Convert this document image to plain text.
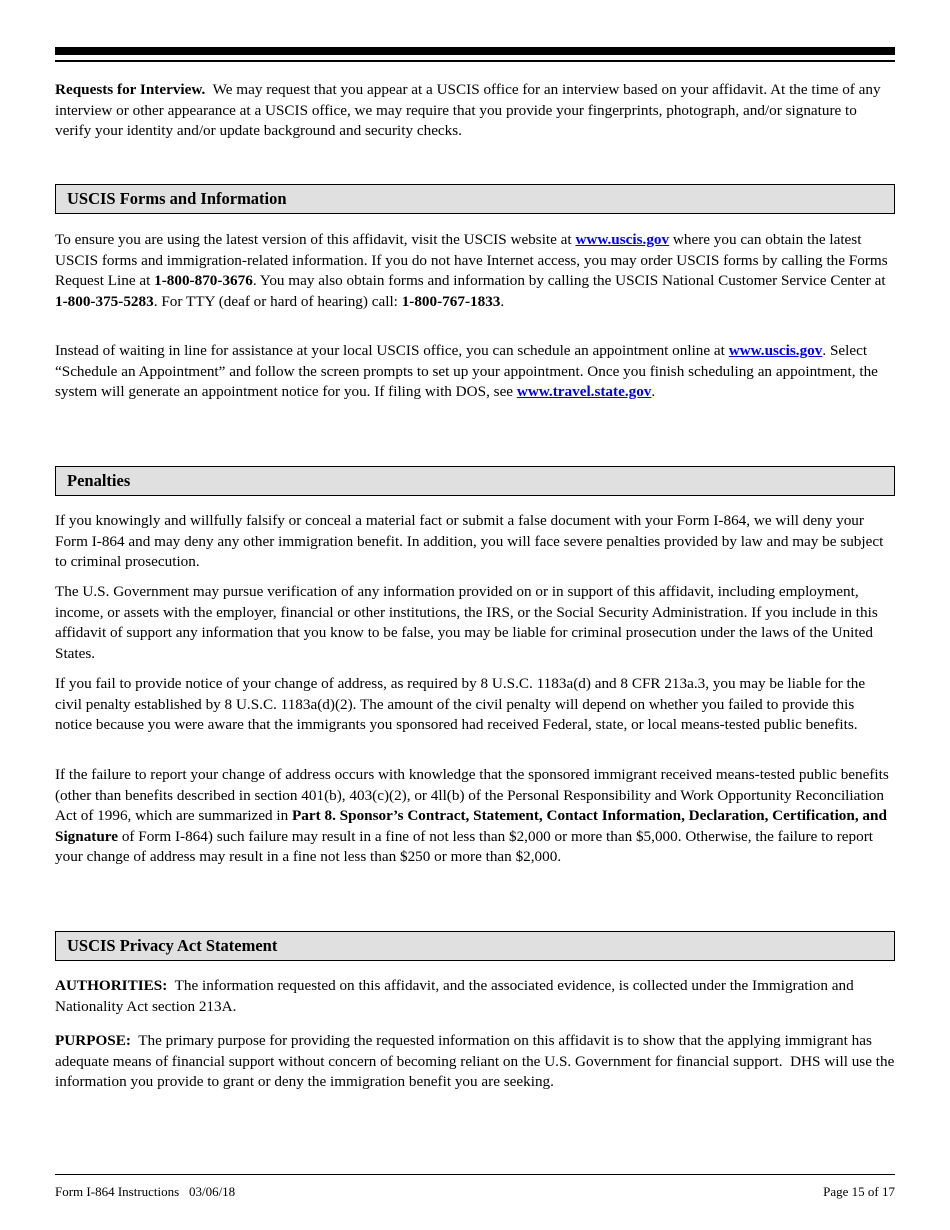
Requests for Interview.  We may request that you appear at a USCIS office for an interview based on your affidavit. At the time of any interview or other appearance at a USCIS office, we may require that you provide your fingerprints, photograph, and/or signature to verify your identity and/or update background and security checks.

USCIS Forms and Information

To ensure you are using the latest version of this affidavit, visit the USCIS website at www.uscis.gov where you can obtain the latest USCIS forms and immigration-related information. If you do not have Internet access, you may order USCIS forms by calling the Forms Request Line at 1-800-870-3676. You may also obtain forms and information by calling the USCIS National Customer Service Center at 1-800-375-5283. For TTY (deaf or hard of hearing) call: 1-800-767-1833.

Instead of waiting in line for assistance at your local USCIS office, you can schedule an appointment online at www.uscis.gov. Select “Schedule an Appointment” and follow the screen prompts to set up your appointment. Once you finish scheduling an appointment, the system will generate an appointment notice for you. If filing with DOS, see www.travel.state.gov.

Penalties

If you knowingly and willfully falsify or conceal a material fact or submit a false document with your Form I-864, we will deny your Form I-864 and may deny any other immigration benefit. In addition, you will face severe penalties provided by law and may be subject to criminal prosecution.

The U.S. Government may pursue verification of any information provided on or in support of this affidavit, including employment, income, or assets with the employer, financial or other institutions, the IRS, or the Social Security Administration. If you include in this affidavit of support any information that you know to be false, you may be liable for criminal prosecution under the laws of the United States.

If you fail to provide notice of your change of address, as required by 8 U.S.C. 1183a(d) and 8 CFR 213a.3, you may be liable for the civil penalty established by 8 U.S.C. 1183a(d)(2). The amount of the civil penalty will depend on whether you failed to provide this notice because you were aware that the immigrants you sponsored had received Federal, state, or local means-tested public benefits.

If the failure to report your change of address occurs with knowledge that the sponsored immigrant received means-tested public benefits (other than benefits described in section 401(b), 403(c)(2), or 4ll(b) of the Personal Responsibility and Work Opportunity Reconciliation Act of 1996, which are summarized in Part 8. Sponsor’s Contract, Statement, Contact Information, Declaration, Certification, and Signature of Form I-864) such failure may result in a fine of not less than $2,000 or more than $5,000. Otherwise, the failure to report your change of address may result in a fine not less than $250 or more than $2,000.

USCIS Privacy Act Statement

AUTHORITIES:  The information requested on this affidavit, and the associated evidence, is collected under the Immigration and Nationality Act section 213A.

PURPOSE:  The primary purpose for providing the requested information on this affidavit is to show that the applying immigrant has adequate means of financial support without concern of becoming reliant on the U.S. Government for financial support.  DHS will use the information you provide to grant or deny the immigration benefit you are seeking.

Form I-864 Instructions   03/06/18	Page 15 of 17
